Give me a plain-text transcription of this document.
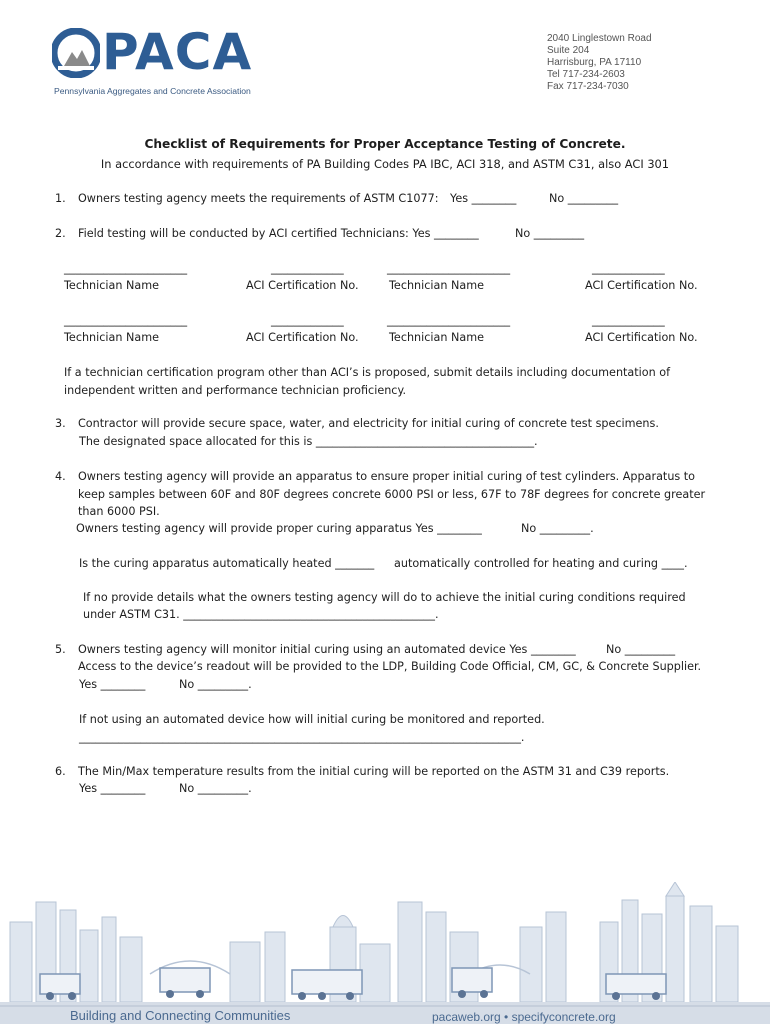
PACA
Pennsylvania Aggregates and Concrete Association
2040 Linglestown Road
Suite 204
Harrisburg, PA 17110
Tel 717-234-2603
Fax 717-234-7030
Checklist of Requirements for Proper Acceptance Testing of Concrete.
In accordance with requirements of PA Building Codes PA IBC, ACI 318, and ASTM C31, also ACI 301
1. Owners testing agency meets the requirements of ASTM C1077: Yes ________	No _________
2. Field testing will be conducted by ACI certified Technicians: Yes ________	No _________
______________________	_____________	______________________	_____________
Technician Name	ACI Certification No.	Technician Name	ACI Certification No.
______________________	_____________	______________________	_____________
Technician Name	ACI Certification No.	Technician Name	ACI Certification No.
If a technician certification program other than ACI’s is proposed, submit details including documentation of
independent written and performance technician proficiency.
3. Contractor will provide secure space, water, and electricity for initial curing of concrete test specimens.
The designated space allocated for this is _______________________________________.
4. Owners testing agency will provide an apparatus to ensure proper initial curing of test cylinders. Apparatus to
keep samples between 60F and 80F degrees concrete 6000 PSI or less, 67F to 78F degrees for concrete greater
than 6000 PSI.
Owners testing agency will provide proper curing apparatus Yes ________	No _________.
Is the curing apparatus automatically heated _______ automatically controlled for heating and curing ____.
If no provide details what the owners testing agency will do to achieve the initial curing conditions required
under ASTM C31. _____________________________________________.
5. Owners testing agency will monitor initial curing using an automated device Yes ________	No _________
Access to the device’s readout will be provided to the LDP, Building Code Official, CM, GC, & Concrete Supplier.
Yes ________	No _________.
If not using an automated device how will initial curing be monitored and reported.
_______________________________________________________________________________.
6. The Min/Max temperature results from the initial curing will be reported on the ASTM 31 and C39 reports.
Yes ________	No _________.
Building and Connecting Communities	pacaweb.org • specifyconcrete.org
